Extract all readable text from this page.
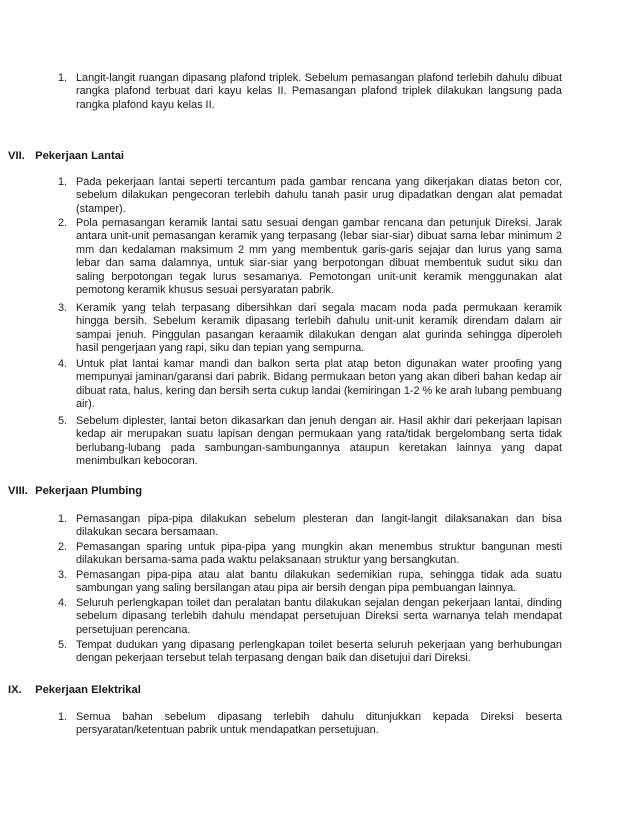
1. Langit-langit ruangan dipasang plafond triplek. Sebelum pemasangan plafond terlebih dahulu dibuat rangka plafond terbuat dari kayu kelas II. Pemasangan plafond triplek dilakukan langsung pada rangka plafond kayu kelas II.
VII. Pekerjaan Lantai
1. Pada pekerjaan lantai seperti tercantum pada gambar rencana yang dikerjakan diatas beton cor, sebelum dilakukan pengecoran terlebih dahulu tanah pasir urug dipadatkan dengan alat pemadat (stamper).
2. Pola pemasangan keramik lantai satu sesuai dengan gambar rencana dan petunjuk Direksi. Jarak antara unit-unit pemasangan keramik yang terpasang (lebar siar-siar) dibuat sama lebar minimum 2 mm dan kedalaman maksimum 2 mm yang membentuk garis-garis sejajar dan lurus yang sama lebar dan sama dalamnya, untuk siar-siar yang berpotongan dibuat membentuk sudut siku dan saling berpotongan tegak lurus sesamanya. Pemotongan unit-unit keramik menggunakan alat pemotong keramik khusus sesuai persyaratan pabrik.
3. Keramik yang telah terpasang dibersihkan dari segala macam noda pada permukaan keramik hingga bersih. Sebelum keramik dipasang terlebih dahulu unit-unit keramik direndam dalam air sampai jenuh. Pinggulan pasangan keraamik dilakukan dengan alat gurinda sehingga diperoleh hasil pengerjaan yang rapi, siku dan tepian yang sempurna.
4. Untuk plat lantai kamar mandi dan balkon serta plat atap beton digunakan water proofing yang mempunyai jaminan/garansi dari pabrik. Bidang permukaan beton yang akan diberi bahan kedap air dibuat rata, halus, kering dan bersih serta cukup landai (kemiringan 1-2 % ke arah lubang pembuang air).
5. Sebelum diplester, lantai beton dikasarkan dan jenuh dengan air. Hasil akhir dari pekerjaan lapisan kedap air merupakan suatu lapisan dengan permukaan yang rata/tidak bergelombang serta tidak berlubang-lubang pada sambungan-sambungannya ataupun keretakan lainnya yang dapat menimbulkan kebocoran.
VIII. Pekerjaan Plumbing
1. Pemasangan pipa-pipa dilakukan sebelum plesteran dan langit-langit dilaksanakan dan bisa dilakukan secara bersamaan.
2. Pemasangan sparing untuk pipa-pipa yang mungkin akan menembus struktur bangunan mesti dilakukan bersama-sama pada waktu pelaksanaan struktur yang bersangkutan.
3. Pemasangan pipa-pipa atau alat bantu dilakukan sedemikian rupa, sehingga tidak ada suatu sambungan yang saling bersilangan atau pipa air bersih dengan pipa pembuangan lainnya.
4. Seluruh perlengkapan toilet dan peralatan bantu dilakukan sejalan dengan pekerjaan lantai, dinding sebelum dipasang terlebih dahulu mendapat persetujuan Direksi serta warnanya telah mendapat persetujuan perencana.
5. Tempat dudukan yang dipasang perlengkapan toilet beserta seluruh pekerjaan yang berhubungan dengan pekerjaan tersebut telah terpasang dengan baik dan disetujui dari Direksi.
IX. Pekerjaan Elektrikal
1. Semua bahan sebelum dipasang terlebih dahulu ditunjukkan kepada Direksi beserta persyaratan/ketentuan pabrik untuk mendapatkan persetujuan.
